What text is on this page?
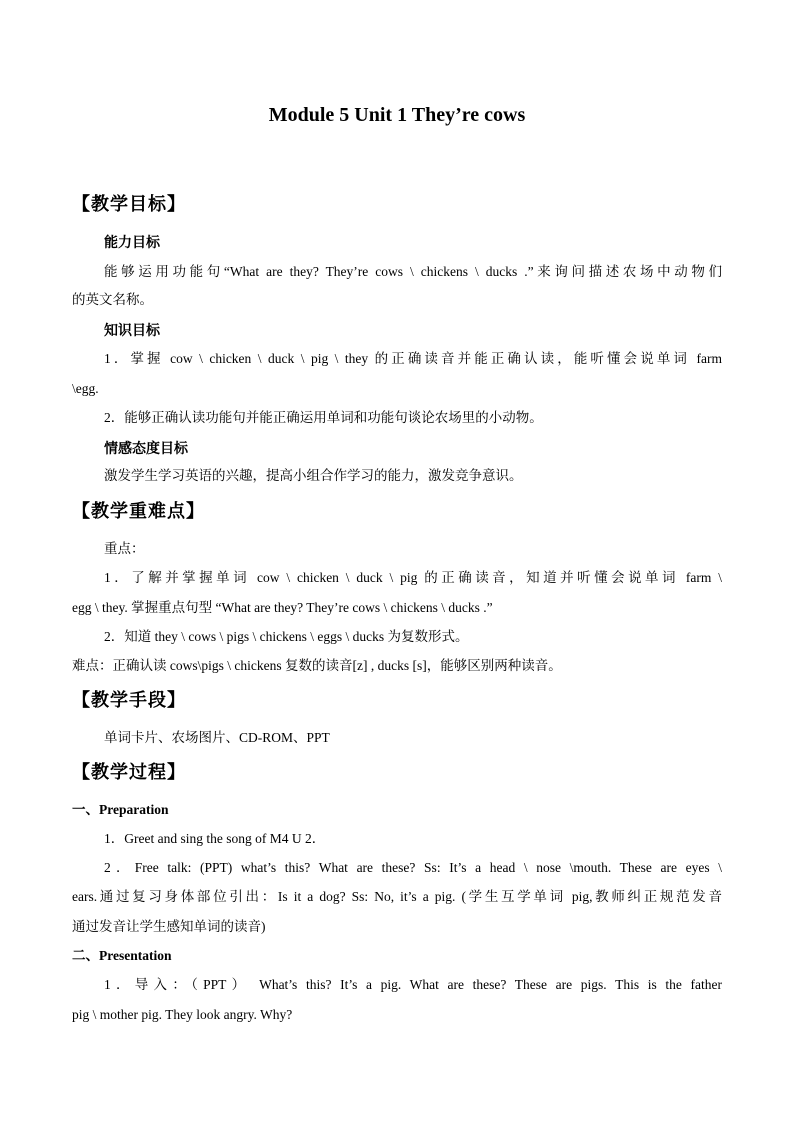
Module 5 Unit 1 They’re cows
【教学目标】
能力目标
能够运用功能句“What are they? They’re cows \ chickens \ ducks .”来询问描述农场中动物们
的英文名称。
知识目标
1．掌握 cow \ chicken \ duck \ pig \ they 的正确读音并能正确认读，能听懂会说单词 farm
\egg.
2．能够正确认读功能句并能正确运用单词和功能句谈论农场里的小动物。
情感态度目标
激发学生学习英语的兴趣，提高小组合作学习的能力，激发竞争意识。
【教学重难点】
重点：
1．了解并掌握单词 cow \ chicken \ duck \ pig 的正确读音，知道并听懂会说单词 farm \
egg \ they. 掌握重点句型 “What are they? They’re cows \ chickens \ ducks .”
2．知道 they \ cows \ pigs \ chickens \ eggs \ ducks 为复数形式。
难点：正确认读 cows\pigs \ chickens 复数的读音[z] , ducks [s]，能够区别两种读音。
【教学手段】
单词卡片、农场图片、CD-ROM、PPT
【教学过程】
一、Preparation
1．Greet and sing the song of M4 U 2．
2．Free talk: (PPT) what’s this? What are these? Ss: It’s a head \ nose \mouth. These are eyes \
ears.通过复习身体部位引出：Is it a dog? Ss: No, it’s a pig. (学生互学单词 pig,教师纠正规范发音
通过发音让学生感知单词的读音)
二、Presentation
1．导入：（PPT） What’s this? It’s a pig. What are these? These are pigs. This is the father
pig \ mother pig. They look angry. Why?
